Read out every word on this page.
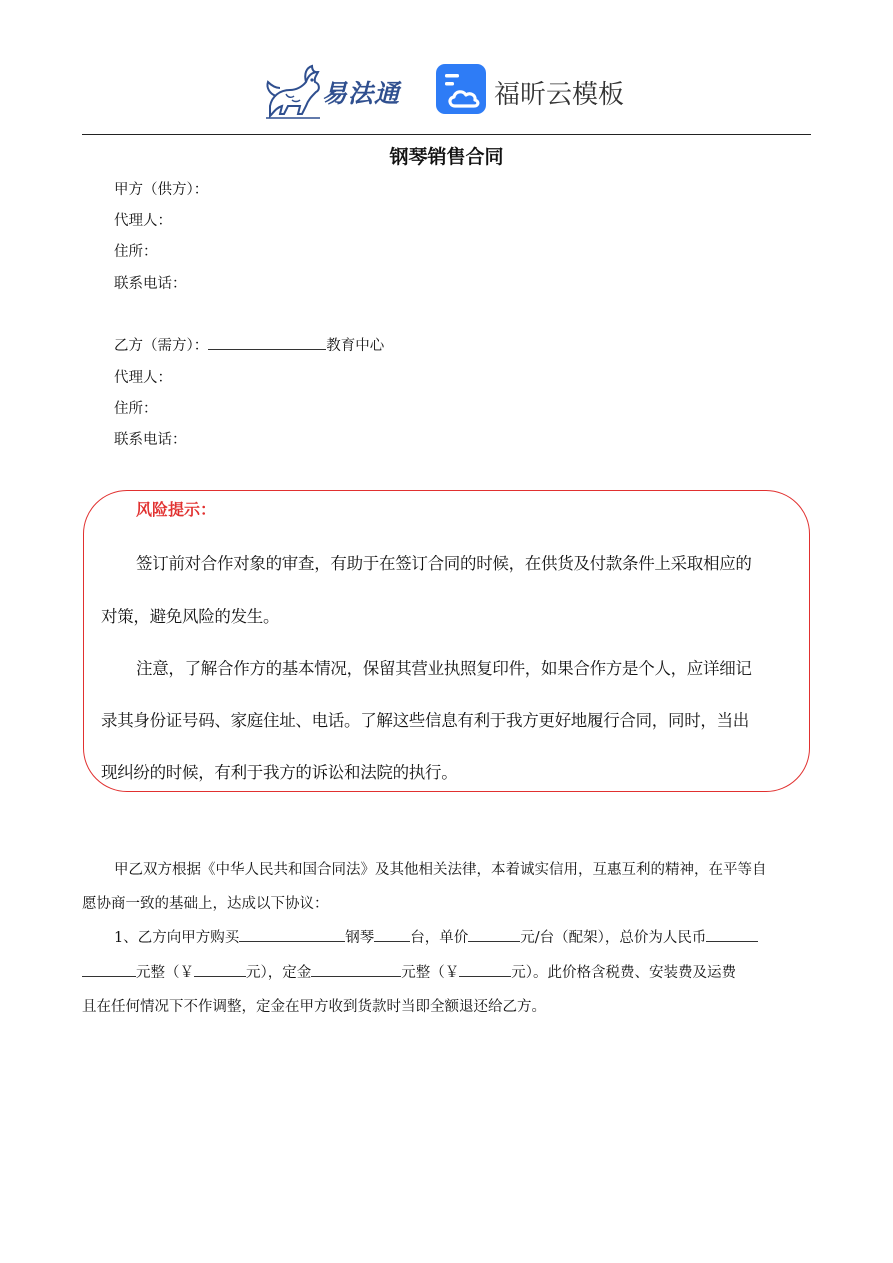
易法通	福昕云模板
钢琴销售合同
甲方（供方）：
代理人：
住所：
联系电话：
乙方（需方）：	教育中心
代理人：
住所：
联系电话：
风险提示：
签订前对合作对象的审查，有助于在签订合同的时候，在供货及付款条件上采取相应的
对策，避免风险的发生。
注意，了解合作方的基本情况，保留其营业执照复印件，如果合作方是个人，应详细记
录其身份证号码、家庭住址、电话。了解这些信息有利于我方更好地履行合同，同时，当出
现纠纷的时候，有利于我方的诉讼和法院的执行。
甲乙双方根据《中华人民共和国合同法》及其他相关法律，本着诚实信用，互惠互利的精神，在平等自
愿协商一致的基础上，达成以下协议：
1、乙方向甲方购买	钢琴 台，单价	元/台（配架），总价为人民币
元整（￥	元），定金	元整（￥	元）。此价格含税费、安装费及运费
且在任何情况下不作调整，定金在甲方收到货款时当即全额退还给乙方。
